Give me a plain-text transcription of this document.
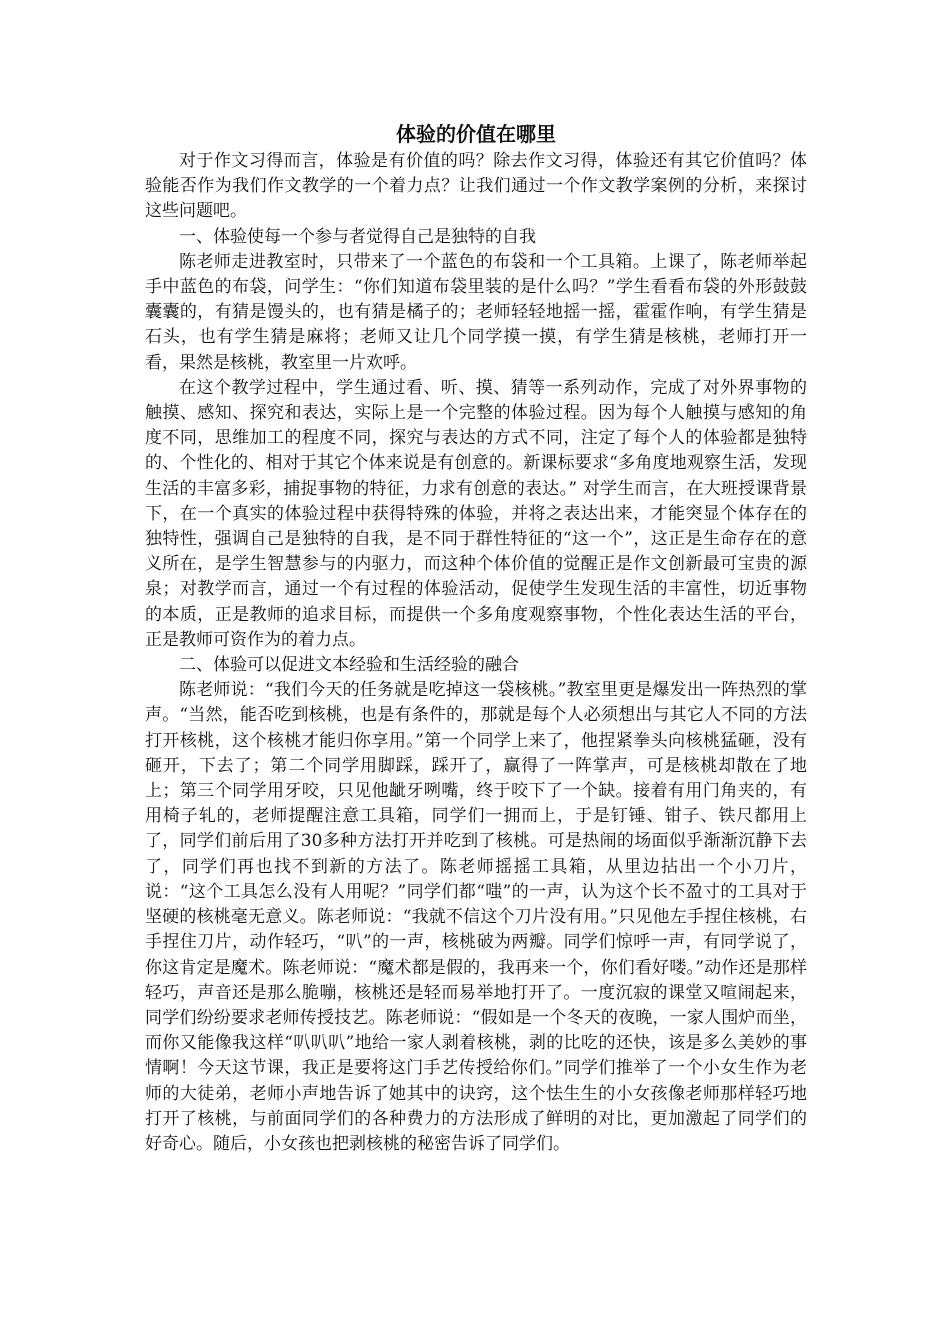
体验的价值在哪里

对于作文习得而言，体验是有价值的吗？除去作文习得，体验还有其它价值吗？体验能否作为我们作文教学的一个着力点？让我们通过一个作文教学案例的分析，来探讨这些问题吧。

一、体验使每一个参与者觉得自己是独特的自我

陈老师走进教室时，只带来了一个蓝色的布袋和一个工具箱。上课了，陈老师举起手中蓝色的布袋，问学生：“你们知道布袋里装的是什么吗？”学生看看布袋的外形鼓鼓囊囊的，有猜是馒头的，也有猜是橘子的；老师轻轻地摇一摇，霍霍作响，有学生猜是石头，也有学生猜是麻将；老师又让几个同学摸一摸，有学生猜是核桃，老师打开一看，果然是核桃，教室里一片欢呼。

在这个教学过程中，学生通过看、听、摸、猜等一系列动作，完成了对外界事物的触摸、感知、探究和表达，实际上是一个完整的体验过程。因为每个人触摸与感知的角度不同，思维加工的程度不同，探究与表达的方式不同，注定了每个人的体验都是独特的、个性化的、相对于其它个体来说是有创意的。新课标要求“多角度地观察生活，发现生活的丰富多彩，捕捉事物的特征，力求有创意的表达。” 对学生而言，在大班授课背景下，在一个真实的体验过程中获得特殊的体验，并将之表达出来，才能突显个体存在的独特性，强调自己是独特的自我，是不同于群性特征的“这一个”，这正是生命存在的意义所在，是学生智慧参与的内驱力，而这种个体价值的觉醒正是作文创新最可宝贵的源泉；对教学而言，通过一个有过程的体验活动，促使学生发现生活的丰富性，切近事物的本质，正是教师的追求目标，而提供一个多角度观察事物，个性化表达生活的平台，正是教师可资作为的着力点。

二、体验可以促进文本经验和生活经验的融合

陈老师说：“我们今天的任务就是吃掉这一袋核桃。”教室里更是爆发出一阵热烈的掌声。“当然，能否吃到核桃，也是有条件的，那就是每个人必须想出与其它人不同的方法打开核桃，这个核桃才能归你享用。”第一个同学上来了，他捏紧拳头向核桃猛砸，没有砸开，下去了；第二个同学用脚踩，踩开了，赢得了一阵掌声，可是核桃却散在了地上；第三个同学用牙咬，只见他龇牙咧嘴，终于咬下了一个缺。接着有用门角夹的，有用椅子轧的，老师提醒注意工具箱，同学们一拥而上，于是钉锤、钳子、铁尺都用上了，同学们前后用了30多种方法打开并吃到了核桃。可是热闹的场面似乎渐渐沉静下去了，同学们再也找不到新的方法了。陈老师摇摇工具箱，从里边拈出一个小刀片，说：“这个工具怎么没有人用呢？”同学们都“嗤”的一声，认为这个长不盈寸的工具对于坚硬的核桃毫无意义。陈老师说：“我就不信这个刀片没有用。”只见他左手捏住核桃，右手捏住刀片，动作轻巧，“叭”的一声，核桃破为两瓣。同学们惊呼一声，有同学说了，你这肯定是魔术。陈老师说：“魔术都是假的，我再来一个，你们看好喽。”动作还是那样轻巧，声音还是那么脆嘣，核桃还是轻而易举地打开了。一度沉寂的课堂又喧闹起来，同学们纷纷要求老师传授技艺。陈老师说：“假如是一个冬天的夜晚，一家人围炉而坐，而你又能像我这样“叭叭叭”地给一家人剥着核桃，剥的比吃的还快，该是多么美妙的事情啊！今天这节课，我正是要将这门手艺传授给你们。”同学们推举了一个小女生作为老师的大徒弟，老师小声地告诉了她其中的诀窍，这个怯生生的小女孩像老师那样轻巧地打开了核桃，与前面同学们的各种费力的方法形成了鲜明的对比，更加激起了同学们的好奇心。随后，小女孩也把剥核桃的秘密告诉了同学们。
